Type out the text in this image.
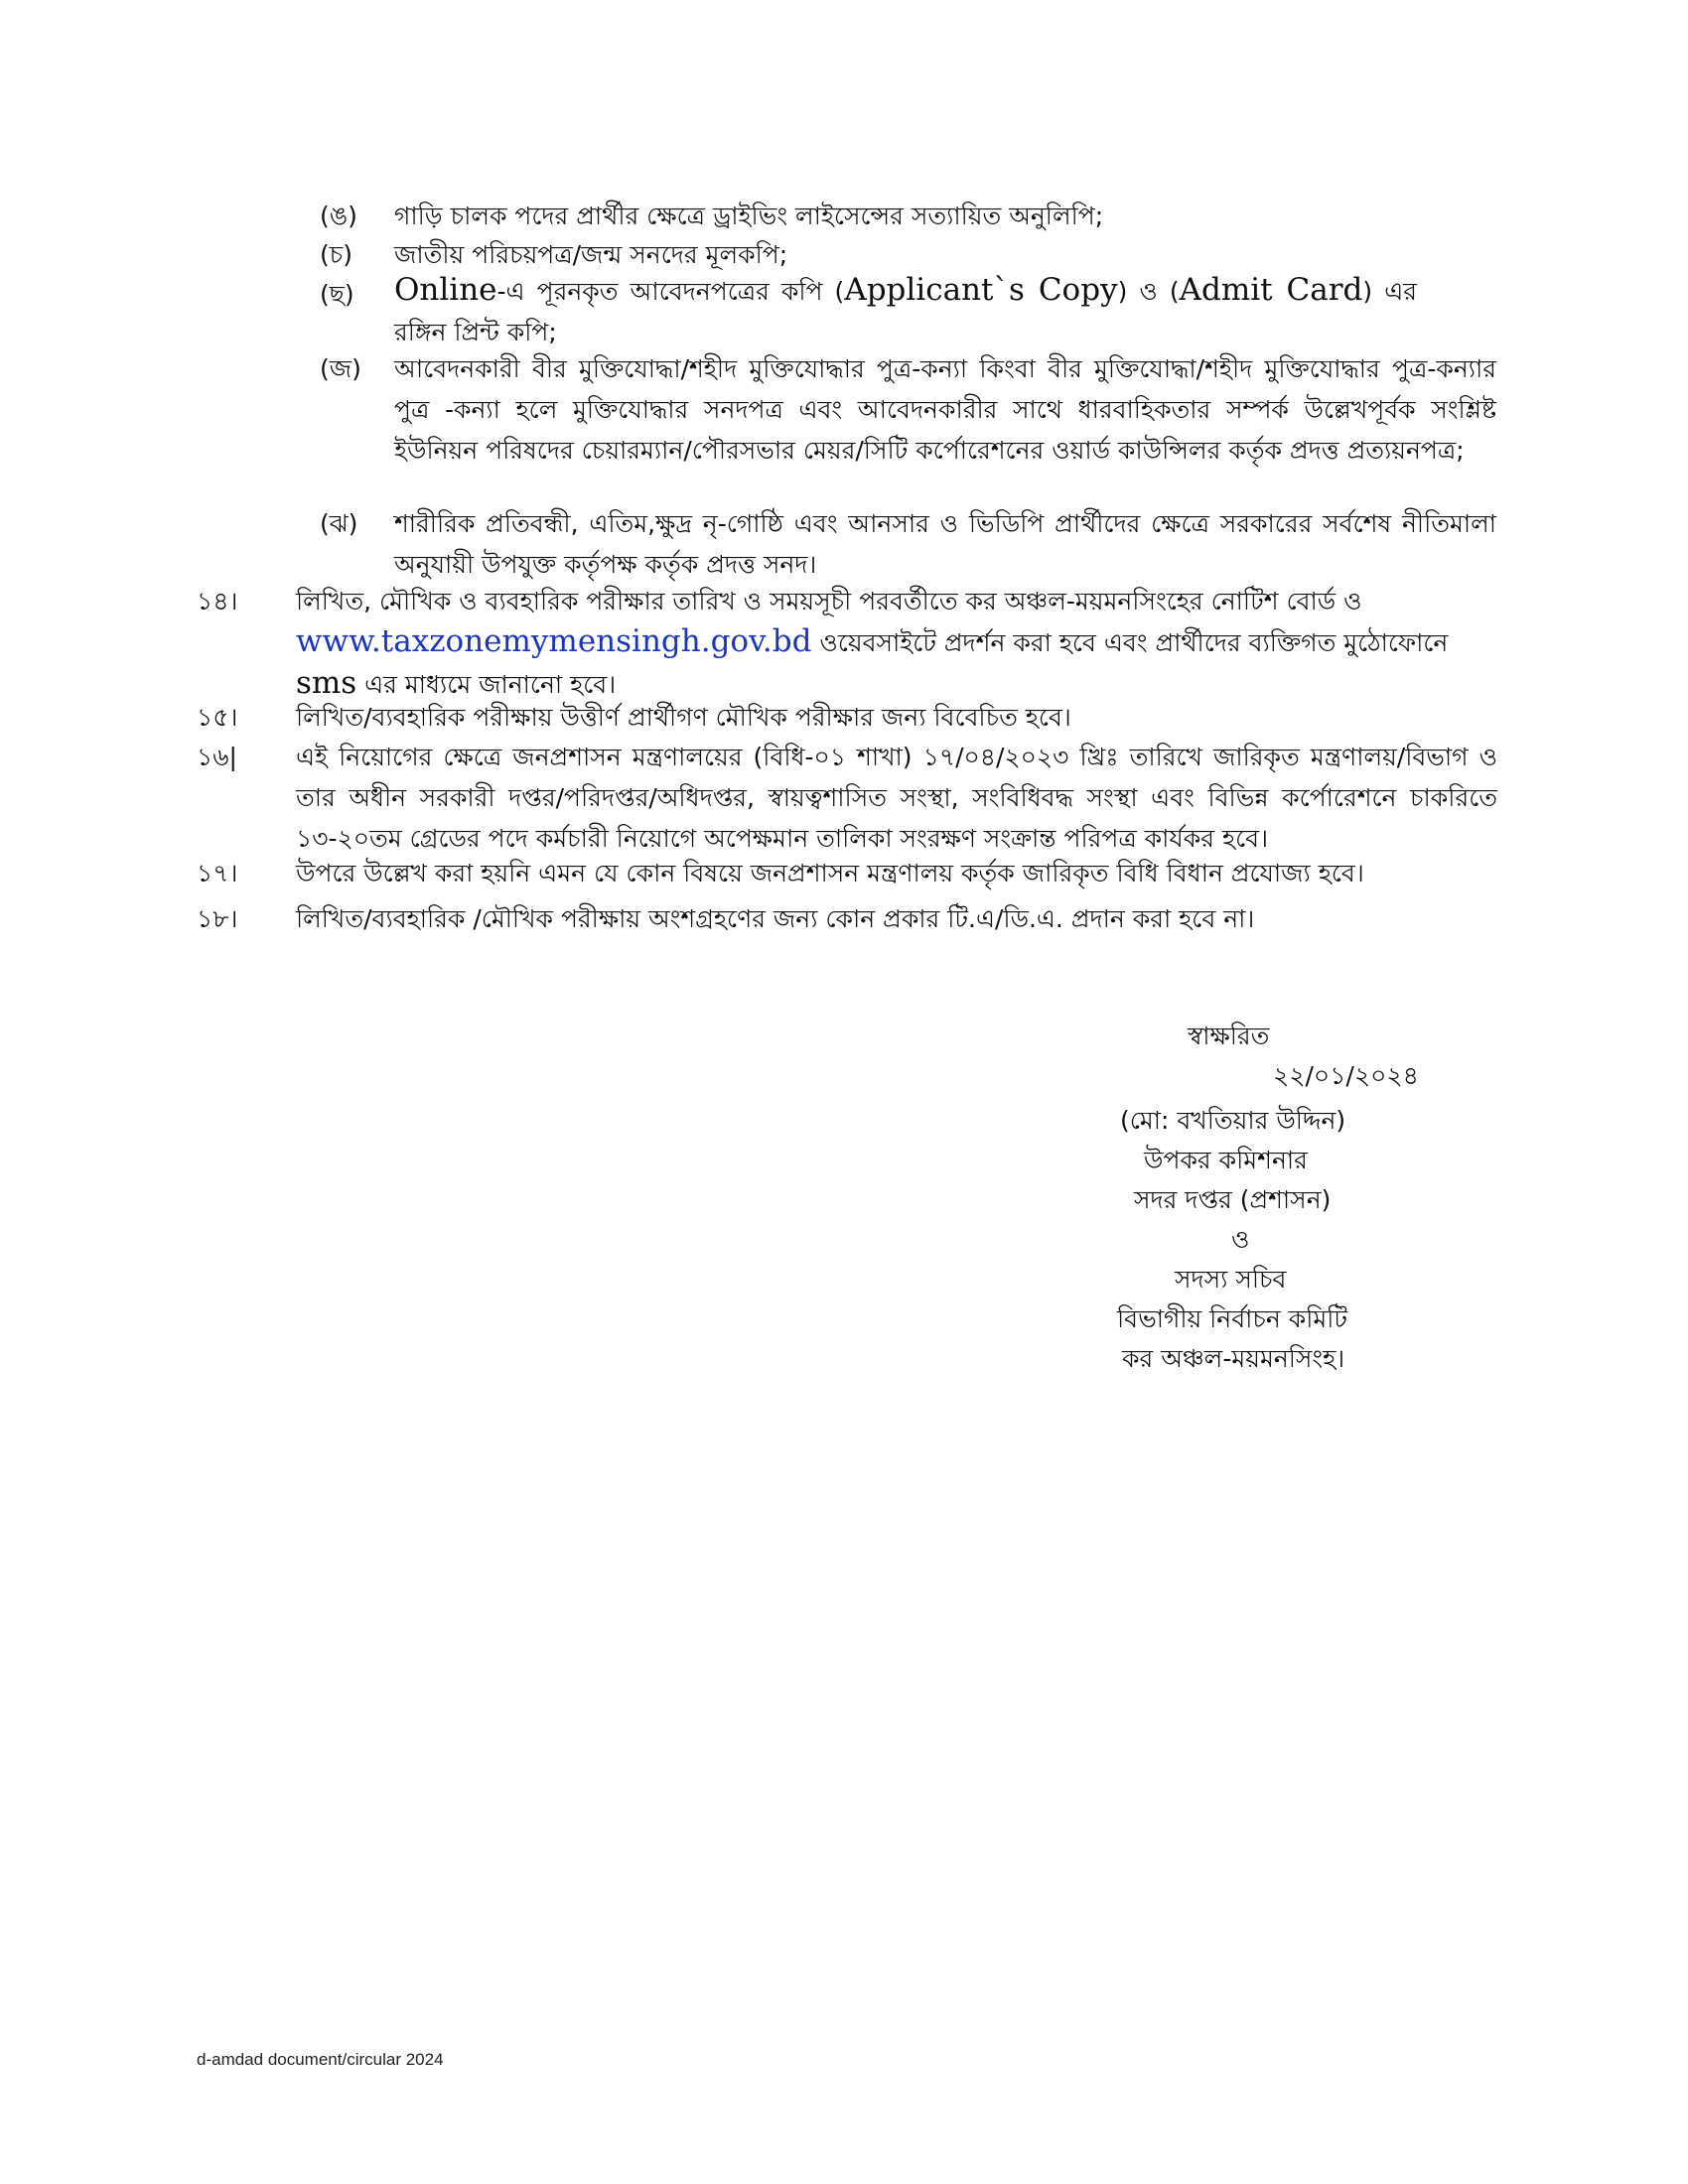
(ঙ)	গাড়ি চালক পদের প্রার্থীর ক্ষেত্রে ড্রাইভিং লাইসেন্সের সত্যায়িত অনুলিপি;
(চ)	জাতীয় পরিচয়পত্র/জন্ম সনদের মূলকপি;
(ছ)	Online-এ পূরনকৃত আবেদনপত্রের কপি (Applicant`s Copy) ও (Admit Card) এর রঙ্গিন প্রিন্ট কপি;
(জ)	আবেদনকারী বীর মুক্তিযোদ্ধা/শহীদ মুক্তিযোদ্ধার পুত্র-কন্যা কিংবা বীর মুক্তিযোদ্ধা/শহীদ মুক্তিযোদ্ধার পুত্র-কন্যার পুত্র -কন্যা হলে মুক্তিযোদ্ধার সনদপত্র এবং আবেদনকারীর সাথে ধারবাহিকতার সম্পর্ক উল্লেখপূর্বক সংশ্লিষ্ট ইউনিয়ন পরিষদের চেয়ারম্যান/পৌরসভার মেয়র/সিটি কর্পোরেশনের ওয়ার্ড কাউন্সিলর কর্তৃক প্রদত্ত প্রত্যয়নপত্র;
(ঝ)	শারীরিক প্রতিবন্ধী, এতিম,ক্ষুদ্র নৃ-গোষ্ঠি এবং আনসার ও ভিডিপি প্রার্থীদের ক্ষেত্রে সরকারের সর্বশেষ নীতিমালা অনুযায়ী উপযুক্ত কর্তৃপক্ষ কর্তৃক প্রদত্ত সনদ।
১৪।	লিখিত, মৌখিক ও ব্যবহারিক পরীক্ষার তারিখ ও সময়সূচী পরবর্তীতে কর অঞ্চল-ময়মনসিংহের নোটিশ বোর্ড ও
www.taxzonemymensingh.gov.bd ওয়েবসাইটে প্রদর্শন করা হবে এবং প্রার্থীদের ব্যক্তিগত মুঠোফোনে sms এর মাধ্যমে জানানো হবে।
১৫।	লিখিত/ব্যবহারিক পরীক্ষায় উত্তীর্ণ প্রার্থীগণ মৌখিক পরীক্ষার জন্য বিবেচিত হবে।
১৬|	এই নিয়োগের ক্ষেত্রে জনপ্রশাসন মন্ত্রণালয়ের (বিধি-০১ শাখা) ১৭/০৪/২০২৩ খ্রিঃ তারিখে জারিকৃত মন্ত্রণালয়/বিভাগ ও তার অধীন সরকারী দপ্তর/পরিদপ্তর/অধিদপ্তর, স্বায়ত্বশাসিত সংস্থা, সংবিধিবদ্ধ সংস্থা এবং বিভিন্ন কর্পোরেশনে চাকরিতে ১৩-২০তম গ্রেডের পদে কর্মচারী নিয়োগে অপেক্ষমান তালিকা সংরক্ষণ সংক্রান্ত পরিপত্র কার্যকর হবে।
১৭।	উপরে উল্লেখ করা হয়নি এমন যে কোন বিষয়ে জনপ্রশাসন মন্ত্রণালয় কর্তৃক জারিকৃত বিধি বিধান প্রযোজ্য হবে।
১৮।	লিখিত/ব্যবহারিক /মৌখিক পরীক্ষায় অংশগ্রহণের জন্য কোন প্রকার টি.এ/ডি.এ. প্রদান করা হবে না।
স্বাক্ষরিত
২২/০১/২০২৪
(মো: বখতিয়ার উদ্দিন)
উপকর কমিশনার
সদর দপ্তর (প্রশাসন)
ও
সদস্য সচিব
বিভাগীয় নির্বাচন কমিটি
কর অঞ্চল-ময়মনসিংহ।
d-amdad document/circular 2024
